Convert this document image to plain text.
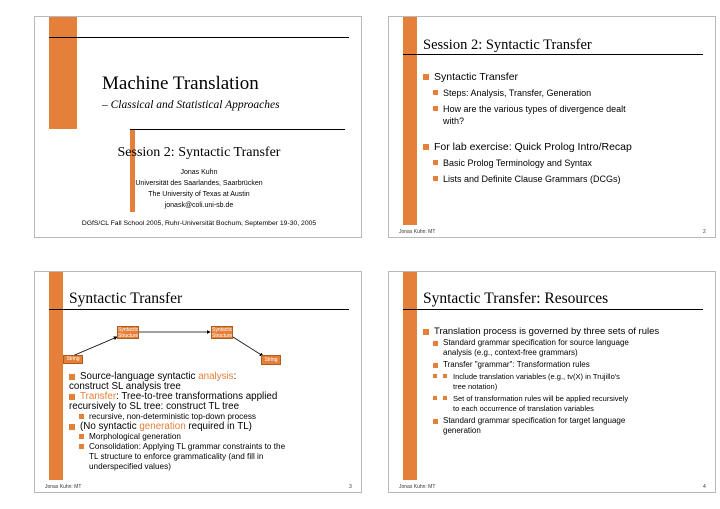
Machine Translation
– Classical and Statistical Approaches
Session 2: Syntactic Transfer
Jonas Kuhn
Universität des Saarlandes, Saarbrücken
The University of Texas at Austin
jonask@coli.uni-sb.de
DGfS/CL Fall School 2005, Ruhr-Universität Bochum, September 19-30, 2005
Session 2: Syntactic Transfer
Syntactic Transfer
Steps: Analysis, Transfer, Generation
How are the various types of divergence dealt
with?
For lab exercise: Quick Prolog Intro/Recap
Basic Prolog Terminology and Syntax
Lists and Definite Clause Grammars (DCGs)
Jonas Kuhn: MT	2
Syntactic Transfer
Syntactic
Structure
Syntactic
Structure
String	String
Source-language syntactic analysis:
construct SL analysis tree
Transfer: Tree-to-tree transformations applied
recursively to SL tree: construct TL tree
recursive, non-deterministic top-down process
(No syntactic generation required in TL)
Morphological generation
Consolidation: Applying TL grammar constraints to the
TL structure to enforce grammaticality (and fill in
underspecified values)
Jonas Kuhn: MT	3
Syntactic Transfer: Resources
Translation process is governed by three sets of rules
Standard grammar specification for source language
analysis (e.g., context-free grammars)
Transfer "grammar": Transformation rules
Include translation variables (e.g., tv(X) in Trujillo's
tree notation)
Set of transformation rules will be applied recursively
to each occurrence of translation variables
Standard grammar specification for target language
generation
Jonas Kuhn: MT	4
